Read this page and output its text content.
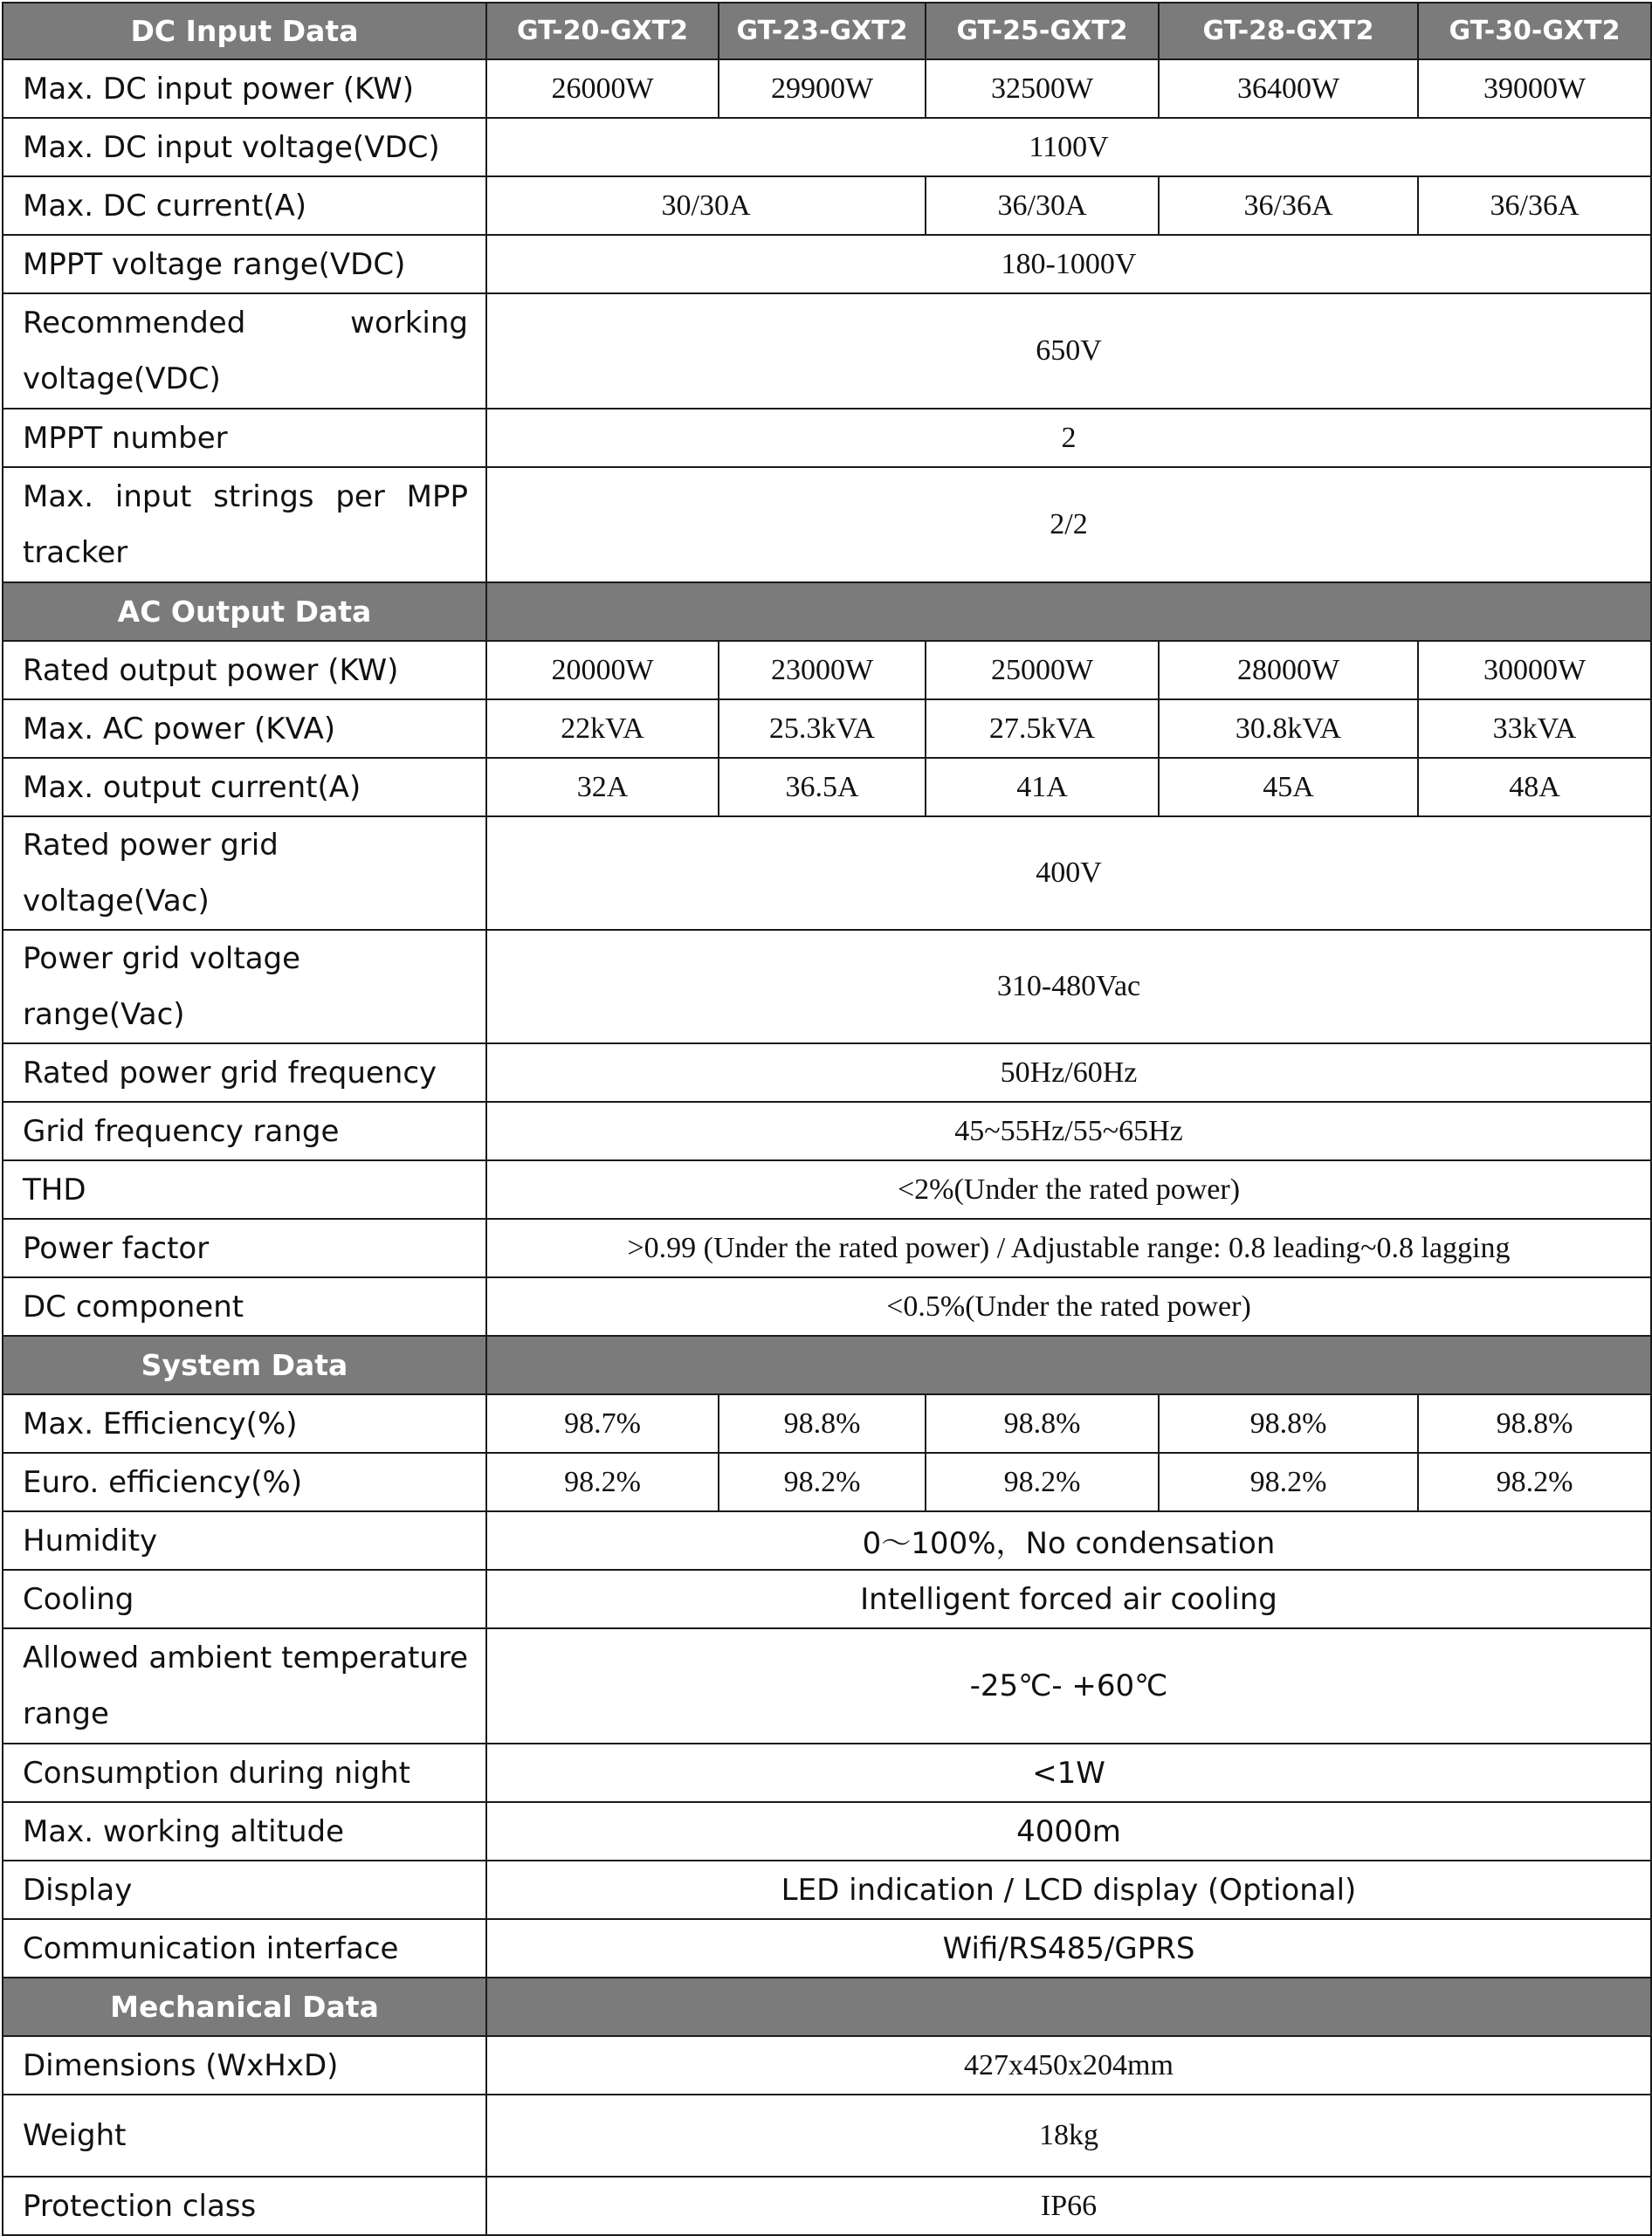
DC Input Data	GT-20-GXT2	GT-23-GXT2	GT-25-GXT2	GT-28-GXT2	GT-30-GXT2
Max. DC input power (KW)	26000W	29900W	32500W	36400W	39000W
Max. DC input voltage(VDC)	1100V				
Max. DC current(A)	30/30A		36/30A	36/36A	36/36A
MPPT voltage range(VDC)	180-1000V				
Recommended working voltage(VDC)	650V				
MPPT number	2				
Max. input strings per MPP tracker	2/2				
AC Output Data					
Rated output power (KW)	20000W	23000W	25000W	28000W	30000W
Max. AC power (KVA)	22kVA	25.3kVA	27.5kVA	30.8kVA	33kVA
Max. output current(A)	32A	36.5A	41A	45A	48A
Rated power grid voltage(Vac)	400V				
Power grid voltage range(Vac)	310-480Vac				
Rated power grid frequency	50Hz/60Hz				
Grid frequency range	45~55Hz/55~65Hz				
THD	<2%(Under the rated power)				
Power factor	>0.99 (Under the rated power) / Adjustable range: 0.8 leading~0.8 lagging				
DC component	<0.5%(Under the rated power)				
System Data					
Max. Efficiency(%)	98.7%	98.8%	98.8%	98.8%	98.8%
Euro. efficiency(%)	98.2%	98.2%	98.2%	98.2%	98.2%
Humidity	0～100%，No condensation				
Cooling	Intelligent forced air cooling				
Allowed ambient temperature range	-25℃- +60℃				
Consumption during night	<1W				
Max. working altitude	4000m				
Display	LED indication / LCD display (Optional)				
Communication interface	Wifi/RS485/GPRS				
Mechanical Data					
Dimensions (WxHxD)	427x450x204mm				
Weight	18kg				
Protection class	IP66				
